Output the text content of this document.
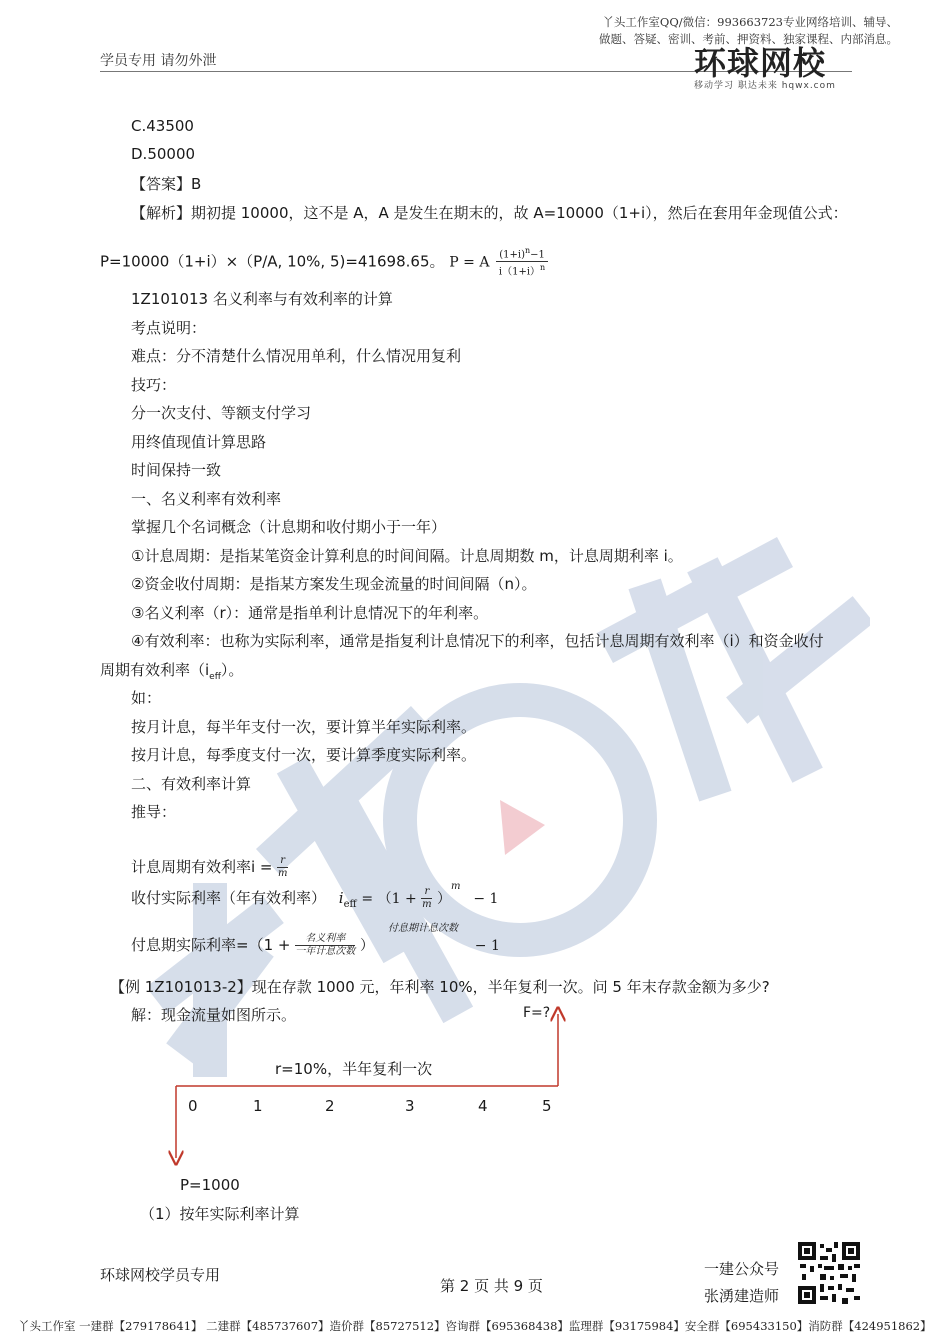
丫头工作室QQ/微信：993663723专业网络培训、辅导、
做题、答疑、密训、考前、押资料、独家课程、内部消息。
学员专用 请勿外泄	环球网校
移动学习 职达未来 hqwx.com
C.43500
D.50000
【答案】B
【解析】期初提 10000，这不是 A，A 是发生在期末的，故 A=10000（1+i），然后在套用年金现值公式：
P=10000（1+i）×（P/A, 10%, 5)=41698.65。 P = A $\frac{(1+i)^n-1}{i(1+i)^n}$
1Z101013 名义利率与有效利率的计算
考点说明：
难点：分不清楚什么情况用单利，什么情况用复利
技巧：
分一次支付、等额支付学习
用终值现值计算思路
时间保持一致
一、名义利率有效利率
掌握几个名词概念（计息期和收付期小于一年）
①计息周期：是指某笔资金计算利息的时间间隔。计息周期数 m，计息周期利率 i。
②资金收付周期：是指某方案发生现金流量的时间间隔（n）。
③名义利率（r）：通常是指单利计息情况下的年利率。
④有效利率：也称为实际利率，通常是指复利计息情况下的利率，包括计息周期有效利率（i）和资金收付
周期有效利率$(i_{eff})$。
如：
按月计息，每半年支付一次，要计算半年实际利率。
按月计息，每季度支付一次，要计算季度实际利率。
二、有效利率计算
推导：
计息周期有效利率$i = \frac{r}{m}$
收付实际利率（年有效利率） $i_{eff} = (1 + \frac{r}{m} )^m - 1$
付息期计息次数
付息期实际利率$=(1 + \frac{\text{名义利率}}{\text{一年计息次数}}$ ）	− 1
【例 1Z101013-2】现在存款 1000 元，年利率 10%，半年复利一次。问 5 年末存款金额为多少?
解：现金流量如图所示。	F=?
r=10%，半年复利一次
0	1	2	3	4	5
P=1000
（1）按年实际利率计算
环球网校学员专用
第 2 页 共 9 页
一建公众号
张湧建造师
丫头工作室 一建群【279178641】 二建群【485737607】造价群【85727512】咨询群【695368438】监理群【93175984】安全群【695433150】消防群【424951862】
